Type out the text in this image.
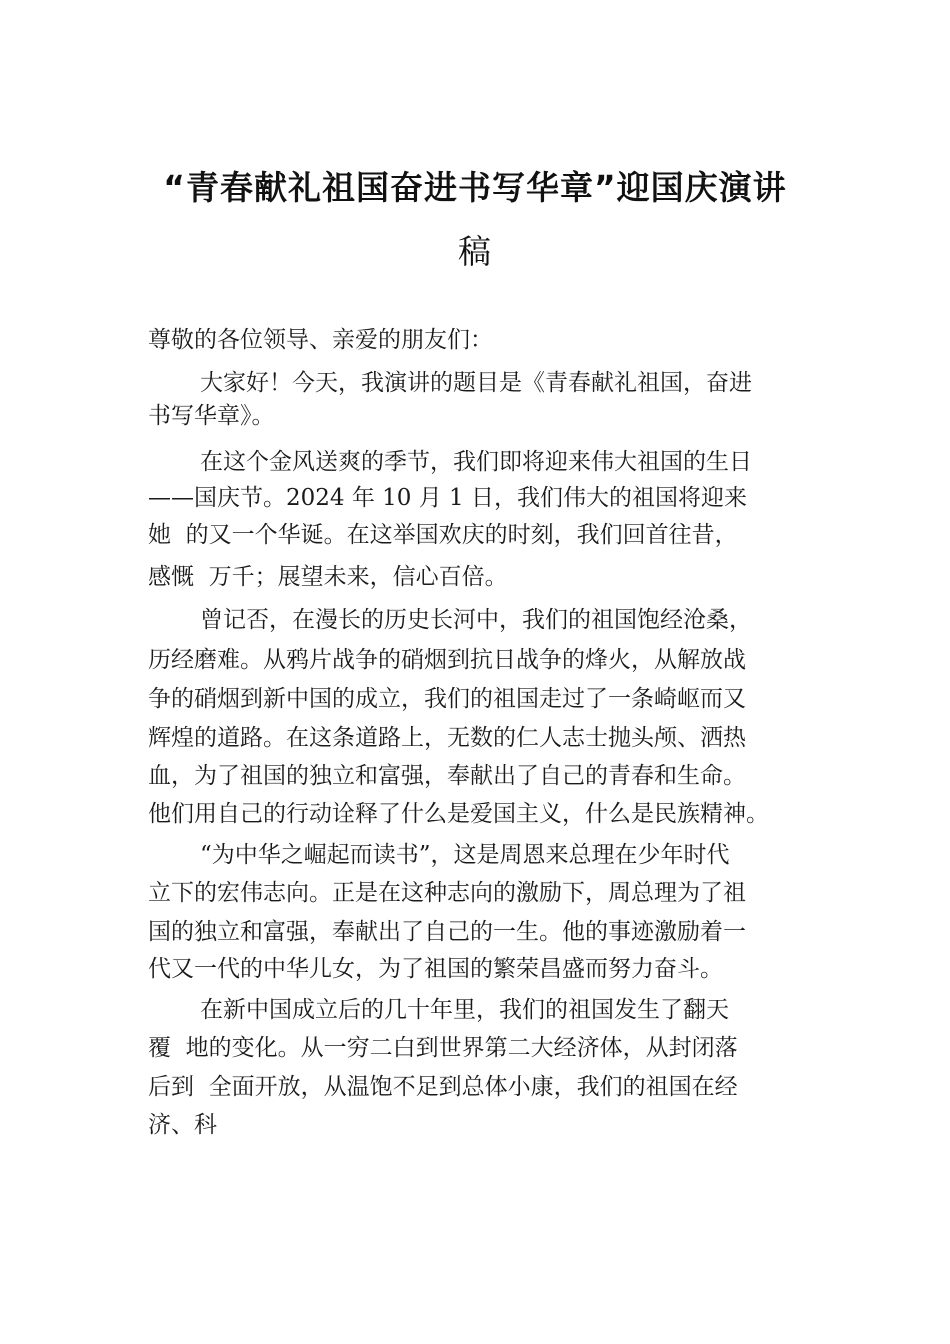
“青春献礼祖国奋进书写华章”迎国庆演讲
稿
尊敬的各位领导、亲爱的朋友们：
大家好！今天，我演讲的题目是《青春献礼祖国，奋进
书写华章》。
在这个金风送爽的季节，我们即将迎来伟大祖国的生日
——国庆节。2024 年 10 月 1 日，我们伟大的祖国将迎来
她  的又一个华诞。在这举国欢庆的时刻，我们回首往昔，
感慨  万千；展望未来，信心百倍。
曾记否，在漫长的历史长河中，我们的祖国饱经沧桑，
历经磨难。从鸦片战争的硝烟到抗日战争的烽火，从解放战
争的硝烟到新中国的成立，我们的祖国走过了一条崎岖而又
辉煌的道路。在这条道路上，无数的仁人志士抛头颅、洒热
血，为了祖国的独立和富强，奉献出了自己的青春和生命。
他们用自己的行动诠释了什么是爱国主义，什么是民族精神。
“为中华之崛起而读书”，这是周恩来总理在少年时代
立下的宏伟志向。正是在这种志向的激励下，周总理为了祖
国的独立和富强，奉献出了自己的一生。他的事迹激励着一
代又一代的中华儿女，为了祖国的繁荣昌盛而努力奋斗。
在新中国成立后的几十年里，我们的祖国发生了翻天
覆  地的变化。从一穷二白到世界第二大经济体，从封闭落
后到  全面开放，从温饱不足到总体小康，我们的祖国在经
济、科
